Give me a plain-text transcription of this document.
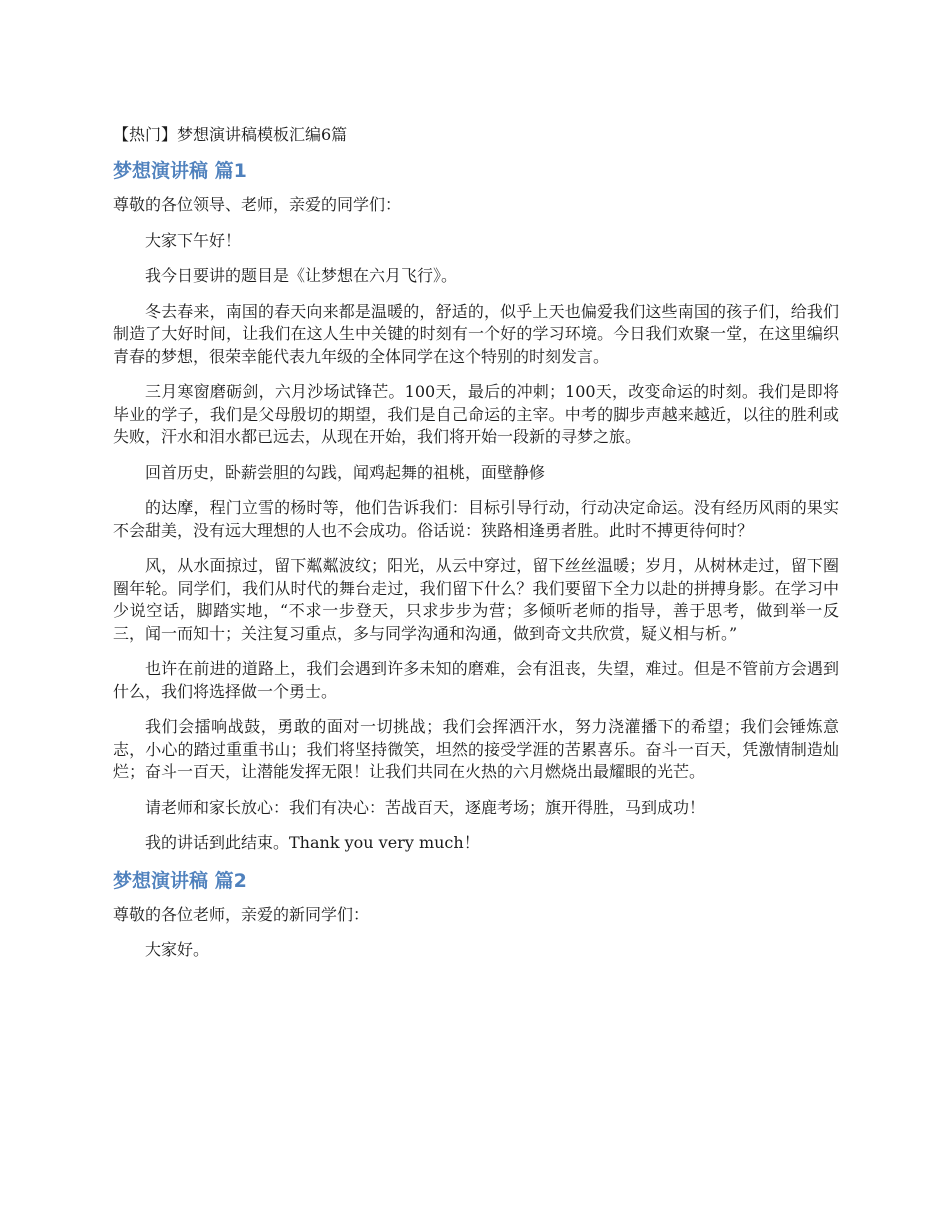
【热门】梦想演讲稿模板汇编6篇
梦想演讲稿 篇1

尊敬的各位领导、老师，亲爱的同学们：

大家下午好！

我今日要讲的题目是《让梦想在六月飞行》。

冬去春来，南国的春天向来都是温暖的，舒适的，似乎上天也偏爱我们这些南国的孩子们，给我们制造了大好时间，让我们在这人生中关键的时刻有一个好的学习环境。今日我们欢聚一堂，在这里编织青春的梦想，很荣幸能代表九年级的全体同学在这个特别的时刻发言。

三月寒窗磨砺剑，六月沙场试锋芒。100天，最后的冲刺；100天，改变命运的时刻。我们是即将毕业的学子，我们是父母殷切的期望，我们是自己命运的主宰。中考的脚步声越来越近，以往的胜利或失败，汗水和泪水都已远去，从现在开始，我们将开始一段新的寻梦之旅。

回首历史，卧薪尝胆的勾践，闻鸡起舞的祖桃，面壁静修

的达摩，程门立雪的杨时等，他们告诉我们：目标引导行动，行动决定命运。没有经历风雨的果实不会甜美，没有远大理想的人也不会成功。俗话说：狭路相逢勇者胜。此时不搏更待何时？

风，从水面掠过，留下粼粼波纹；阳光，从云中穿过，留下丝丝温暖；岁月，从树林走过，留下圈圈年轮。同学们，我们从时代的舞台走过，我们留下什么？我们要留下全力以赴的拼搏身影。在学习中少说空话，脚踏实地，“不求一步登天，只求步步为营；多倾听老师的指导，善于思考，做到举一反三，闻一而知十；关注复习重点，多与同学沟通和沟通，做到奇文共欣赏，疑义相与析。”

也许在前进的道路上，我们会遇到许多未知的磨难，会有沮丧，失望，难过。但是不管前方会遇到什么，我们将选择做一个勇士。

我们会擂响战鼓，勇敢的面对一切挑战；我们会挥洒汗水，努力浇灌播下的希望；我们会锤炼意志，小心的踏过重重书山；我们将坚持微笑，坦然的接受学涯的苦累喜乐。奋斗一百天，凭激情制造灿烂；奋斗一百天，让潜能发挥无限！让我们共同在火热的六月燃烧出最耀眼的光芒。

请老师和家长放心：我们有决心：苦战百天，逐鹿考场；旗开得胜，马到成功！

我的讲话到此结束。Thank you very much！

梦想演讲稿 篇2

尊敬的各位老师，亲爱的新同学们：

大家好。
